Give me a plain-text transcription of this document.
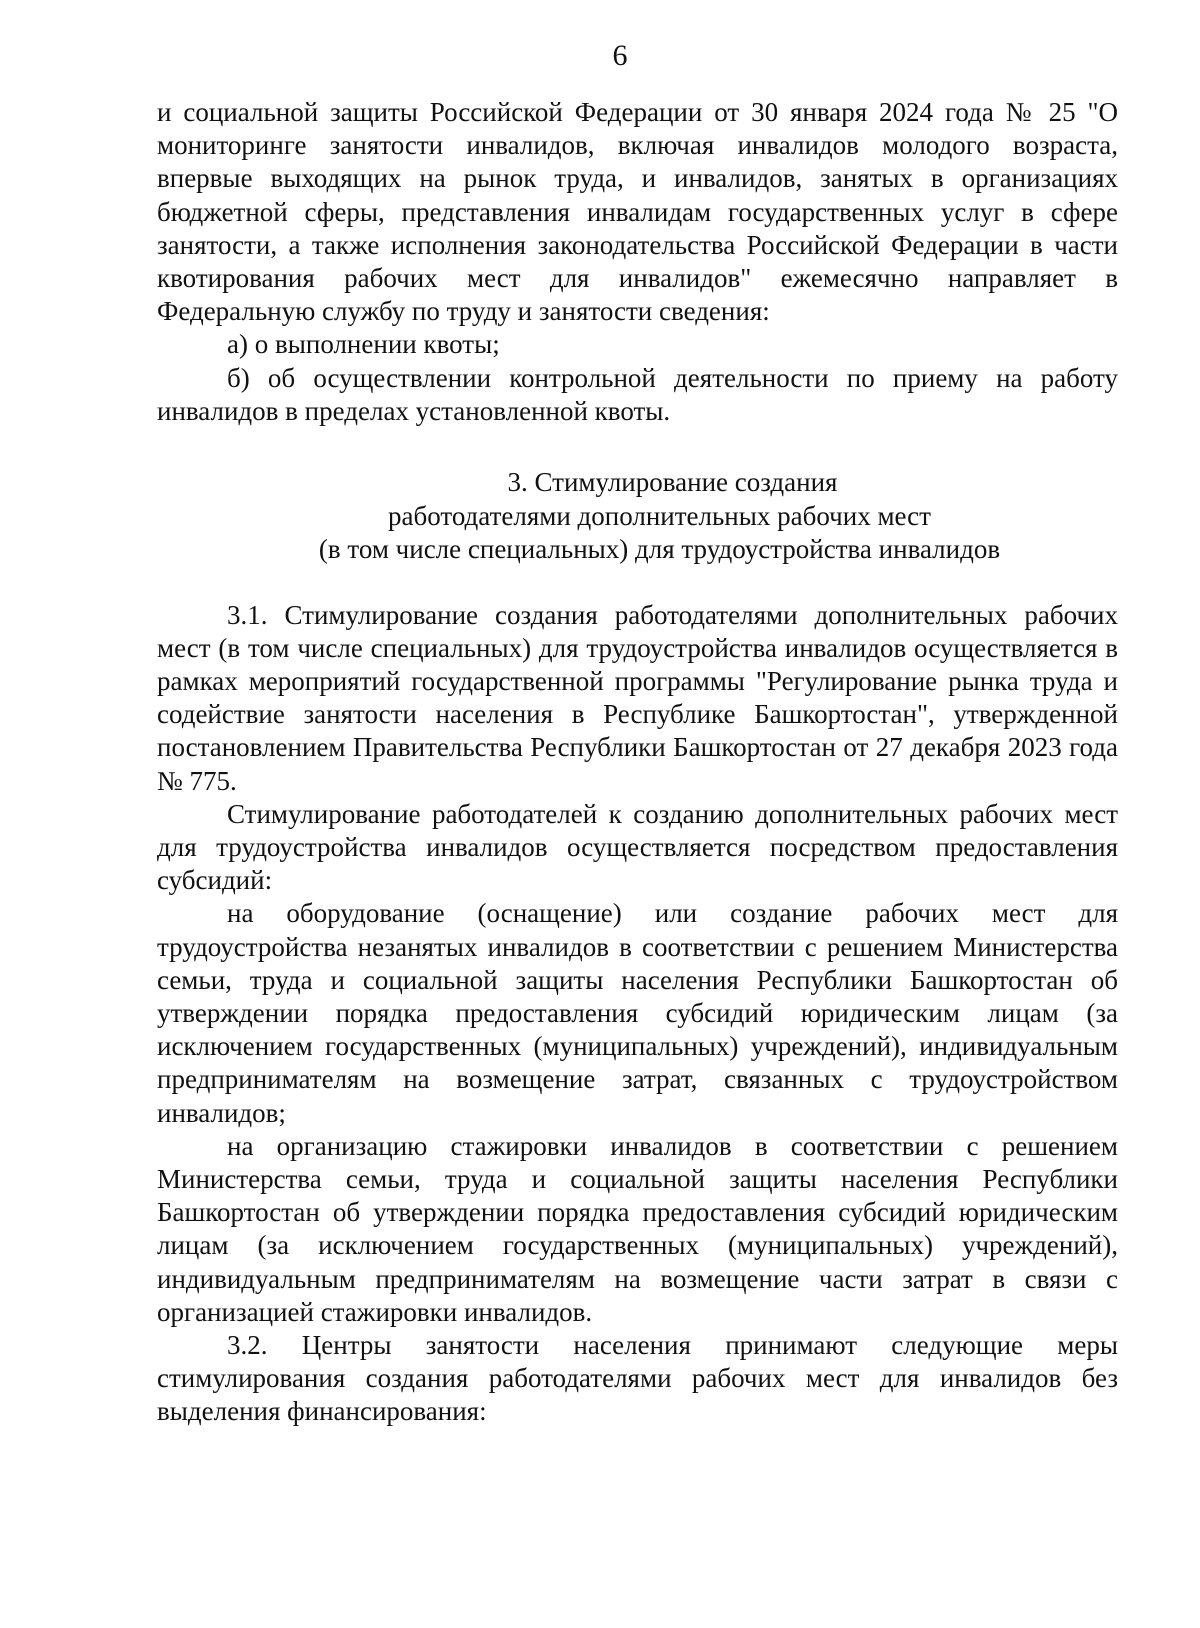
6

и социальной защиты Российской Федерации от 30 января 2024 года № 25 "О мониторинге занятости инвалидов, включая инвалидов молодого возраста, впервые выходящих на рынок труда, и инвалидов, занятых в организациях бюджетной сферы, представления инвалидам государственных услуг в сфере занятости, а также исполнения законодательства Российской Федерации в части квотирования рабочих мест для инвалидов" ежемесячно направляет в Федеральную службу по труду и занятости сведения:

а) о выполнении квоты;

б) об осуществлении контрольной деятельности по приему на работу инвалидов в пределах установленной квоты.

3. Стимулирование создания
работодателями дополнительных рабочих мест
(в том числе специальных) для трудоустройства инвалидов

3.1. Стимулирование создания работодателями дополнительных рабочих мест (в том числе специальных) для трудоустройства инвалидов осуществляется в рамках мероприятий государственной программы "Регулирование рынка труда и содействие занятости населения в Республике Башкортостан", утвержденной постановлением Правительства Республики Башкортостан от 27 декабря 2023 года № 775.

Стимулирование работодателей к созданию дополнительных рабочих мест для трудоустройства инвалидов осуществляется посредством предоставления субсидий:

на оборудование (оснащение) или создание рабочих мест для трудоустройства незанятых инвалидов в соответствии с решением Министерства семьи, труда и социальной защиты населения Республики Башкортостан об утверждении порядка предоставления субсидий юридическим лицам (за исключением государственных (муниципальных) учреждений), индивидуальным предпринимателям на возмещение затрат, связанных с трудоустройством инвалидов;

на организацию стажировки инвалидов в соответствии с решением Министерства семьи, труда и социальной защиты населения Республики Башкортостан об утверждении порядка предоставления субсидий юридическим лицам (за исключением государственных (муниципальных) учреждений), индивидуальным предпринимателям на возмещение части затрат в связи с организацией стажировки инвалидов.

3.2. Центры занятости населения принимают следующие меры стимулирования создания работодателями рабочих мест для инвалидов без выделения финансирования:
